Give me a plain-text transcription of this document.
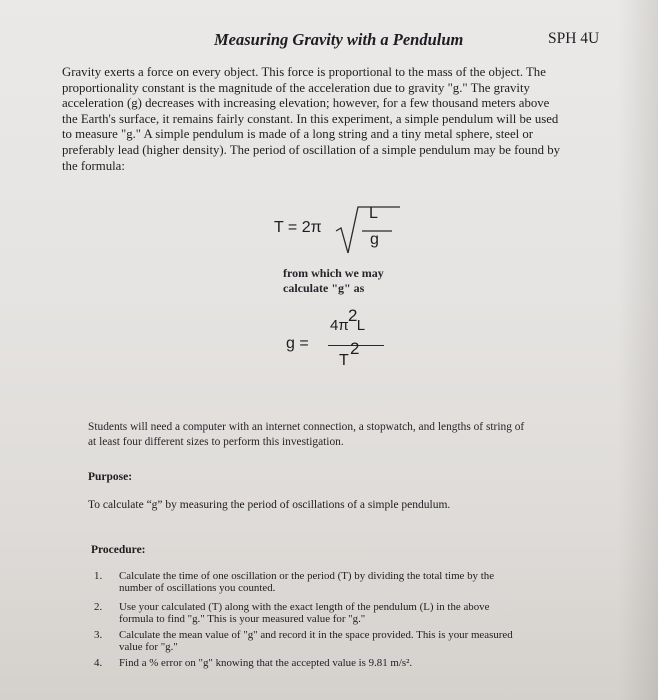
Measuring Gravity with a Pendulum	SPH 4U
Gravity exerts a force on every object. This force is proportional to the mass of the object. The
proportionality constant is the magnitude of the acceleration due to gravity "g." The gravity
acceleration (g) decreases with increasing elevation; however, for a few thousand meters above
the Earth's surface, it remains fairly constant. In this experiment, a simple pendulum will be used
to measure "g." A simple pendulum is made of a long string and a tiny metal sphere, steel or
preferably lead (higher density). The period of oscillation of a simple pendulum may be found by
the formula:
T = 2π
L
g
from which we may
calculate "g" as
g =
4π L
2
T
2
Students will need a computer with an internet connection, a stopwatch, and lengths of string of
at least four different sizes to perform this investigation.
Purpose:
To calculate “g” by measuring the period of oscillations of a simple pendulum.
Procedure:
1. Calculate the time of one oscillation or the period (T) by dividing the total time by the
number of oscillations you counted.
2. Use your calculated (T) along with the exact length of the pendulum (L) in the above
formula to find "g." This is your measured value for "g."
3. Calculate the mean value of "g" and record it in the space provided. This is your measured
value for "g."
4. Find a % error on "g" knowing that the accepted value is 9.81 m/s².
